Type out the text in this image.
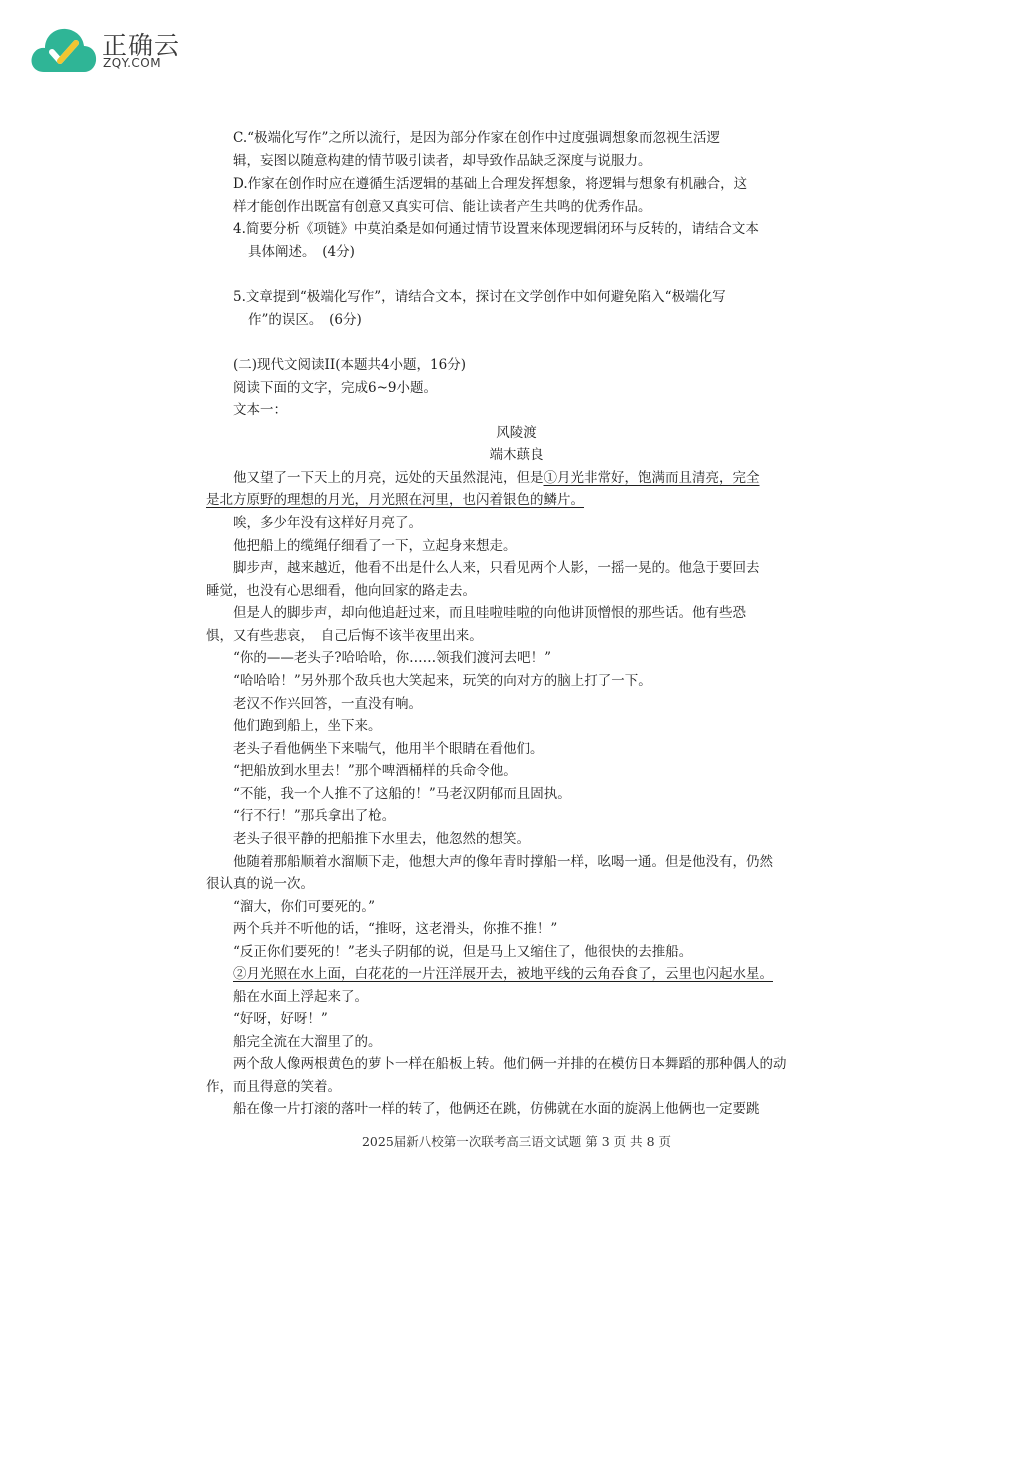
正确云
ZQY.COM
C.“极端化写作”之所以流行，是因为部分作家在创作中过度强调想象而忽视生活逻
辑，妄图以随意构建的情节吸引读者，却导致作品缺乏深度与说服力。
D.作家在创作时应在遵循生活逻辑的基础上合理发挥想象，将逻辑与想象有机融合，这
样才能创作出既富有创意又真实可信、能让读者产生共鸣的优秀作品。
4.简要分析《项链》中莫泊桑是如何通过情节设置来体现逻辑闭环与反转的，请结合文本
具体阐述。　(4分)
5.文章提到“极端化写作”，请结合文本，探讨在文学创作中如何避免陷入“极端化写
作”的误区。　(6分)
(二)现代文阅读II(本题共4小题，16分)
阅读下面的文字，完成6~9小题。
文本一：
风陵渡
端木蕻良
他又望了一下天上的月亮，远处的天虽然混沌，但是①月光非常好，饱满而且清亮，完全
是北方原野的理想的月光，月光照在河里，也闪着银色的鳞片。
唉，多少年没有这样好月亮了。
他把船上的缆绳仔细看了一下，立起身来想走。
脚步声，越来越近，他看不出是什么人来，只看见两个人影，一摇一晃的。他急于要回去
睡觉，也没有心思细看，他向回家的路走去。
但是人的脚步声，却向他追赶过来，而且哇啦哇啦的向他讲顶憎恨的那些话。他有些恐
惧，又有些悲哀，　自己后悔不该半夜里出来。
“你的——老头子?哈哈哈，你……领我们渡河去吧！”
“哈哈哈！”另外那个敌兵也大笑起来，玩笑的向对方的脑上打了一下。
老汉不作兴回答，一直没有响。
他们跑到船上，坐下来。
老头子看他俩坐下来喘气，他用半个眼睛在看他们。
“把船放到水里去！”那个啤酒桶样的兵命令他。
“不能，我一个人推不了这船的！”马老汉阴郁而且固执。
“行不行！”那兵拿出了枪。
老头子很平静的把船推下水里去，他忽然的想笑。
他随着那船顺着水溜顺下走，他想大声的像年青时撑船一样，吆喝一通。但是他没有，仍然
很认真的说一次。
“溜大，你们可要死的。”
两个兵并不听他的话，“推呀，这老滑头，你推不推！”
“反正你们要死的！”老头子阴郁的说，但是马上又缩住了，他很快的去推船。
②月光照在水上面，白花花的一片汪洋展开去，被地平线的云角吞食了，云里也闪起水星。
船在水面上浮起来了。
“好呀，好呀！”
船完全流在大溜里了的。
两个敌人像两根黄色的萝卜一样在船板上转。他们俩一并排的在模仿日本舞蹈的那种偶人的动
作，而且得意的笑着。
船在像一片打滚的落叶一样的转了，他俩还在跳，仿佛就在水面的旋涡上他俩也一定要跳
2025届新八校第一次联考高三语文试题 第 3 页 共 8 页
